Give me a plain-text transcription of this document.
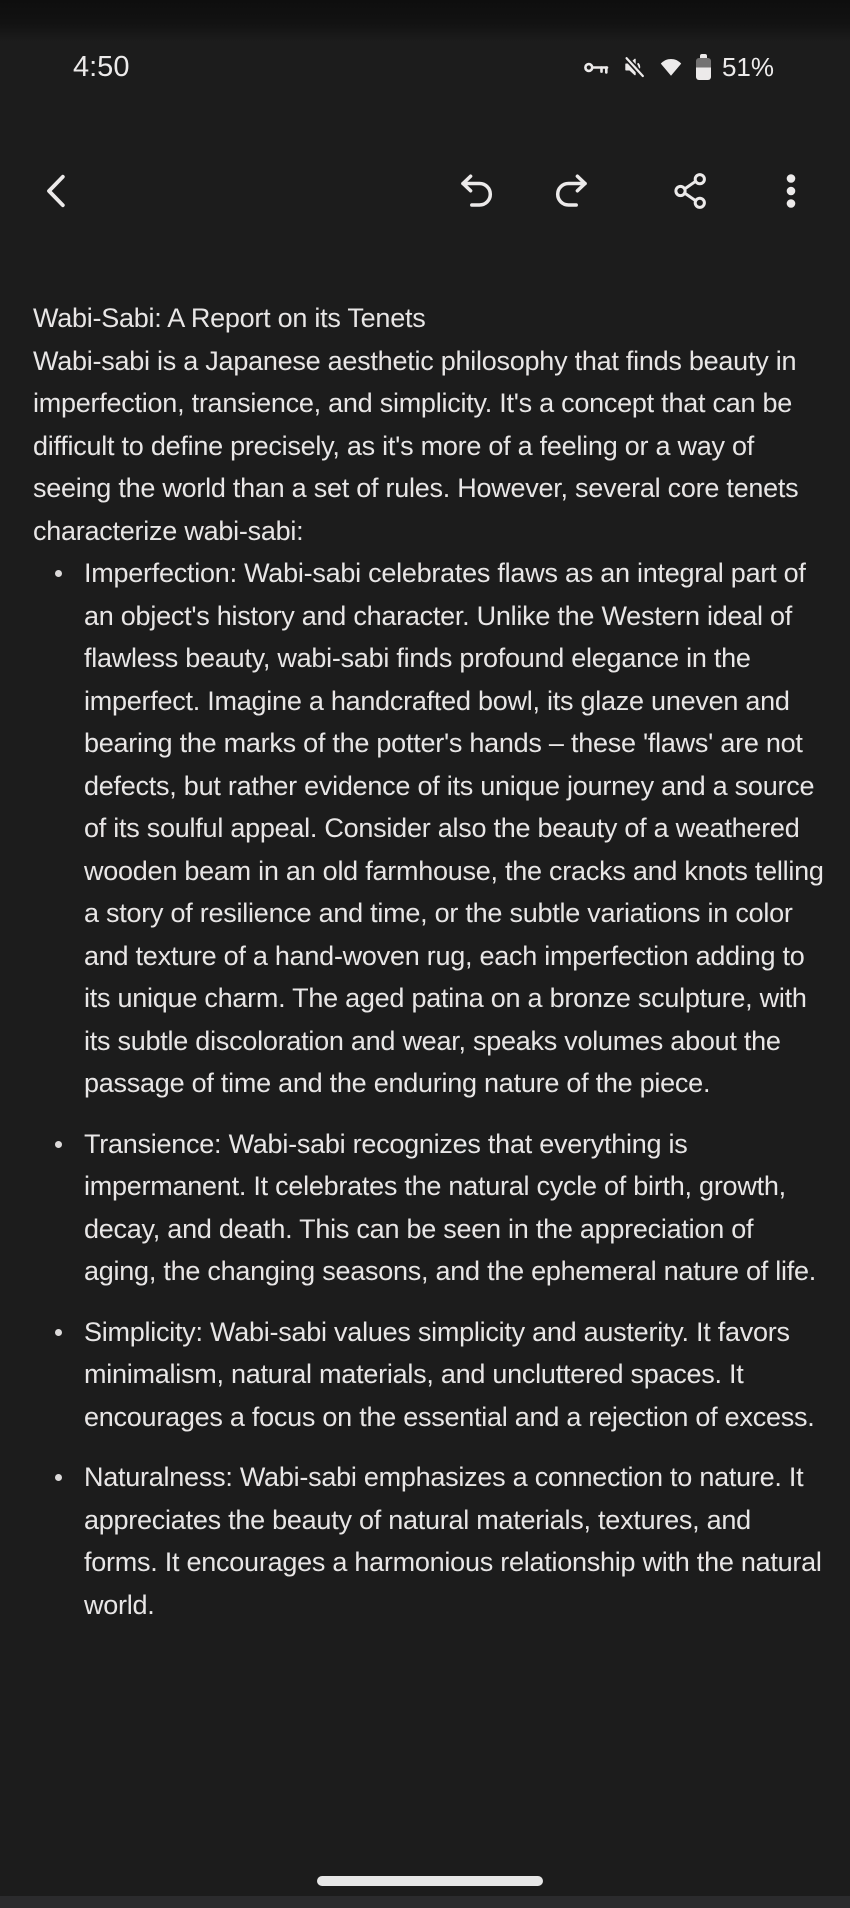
4:50	51%

Wabi-Sabi: A Report on its Tenets

Wabi-sabi is a Japanese aesthetic philosophy that finds beauty in imperfection, transience, and simplicity. It's a concept that can be difficult to define precisely, as it's more of a feeling or a way of seeing the world than a set of rules. However, several core tenets characterize wabi-sabi:

Imperfection: Wabi-sabi celebrates flaws as an integral part of an object's history and character. Unlike the Western ideal of flawless beauty, wabi-sabi finds profound elegance in the imperfect. Imagine a handcrafted bowl, its glaze uneven and bearing the marks of the potter's hands – these 'flaws' are not defects, but rather evidence of its unique journey and a source of its soulful appeal. Consider also the beauty of a weathered wooden beam in an old farmhouse, the cracks and knots telling a story of resilience and time, or the subtle variations in color and texture of a hand-woven rug, each imperfection adding to its unique charm. The aged patina on a bronze sculpture, with its subtle discoloration and wear, speaks volumes about the passage of time and the enduring nature of the piece.
Transience: Wabi-sabi recognizes that everything is impermanent. It celebrates the natural cycle of birth, growth, decay, and death. This can be seen in the appreciation of aging, the changing seasons, and the ephemeral nature of life.
Simplicity: Wabi-sabi values simplicity and austerity. It favors minimalism, natural materials, and uncluttered spaces. It encourages a focus on the essential and a rejection of excess.
Naturalness: Wabi-sabi emphasizes a connection to nature. It appreciates the beauty of natural materials, textures, and forms. It encourages a harmonious relationship with the natural world.
